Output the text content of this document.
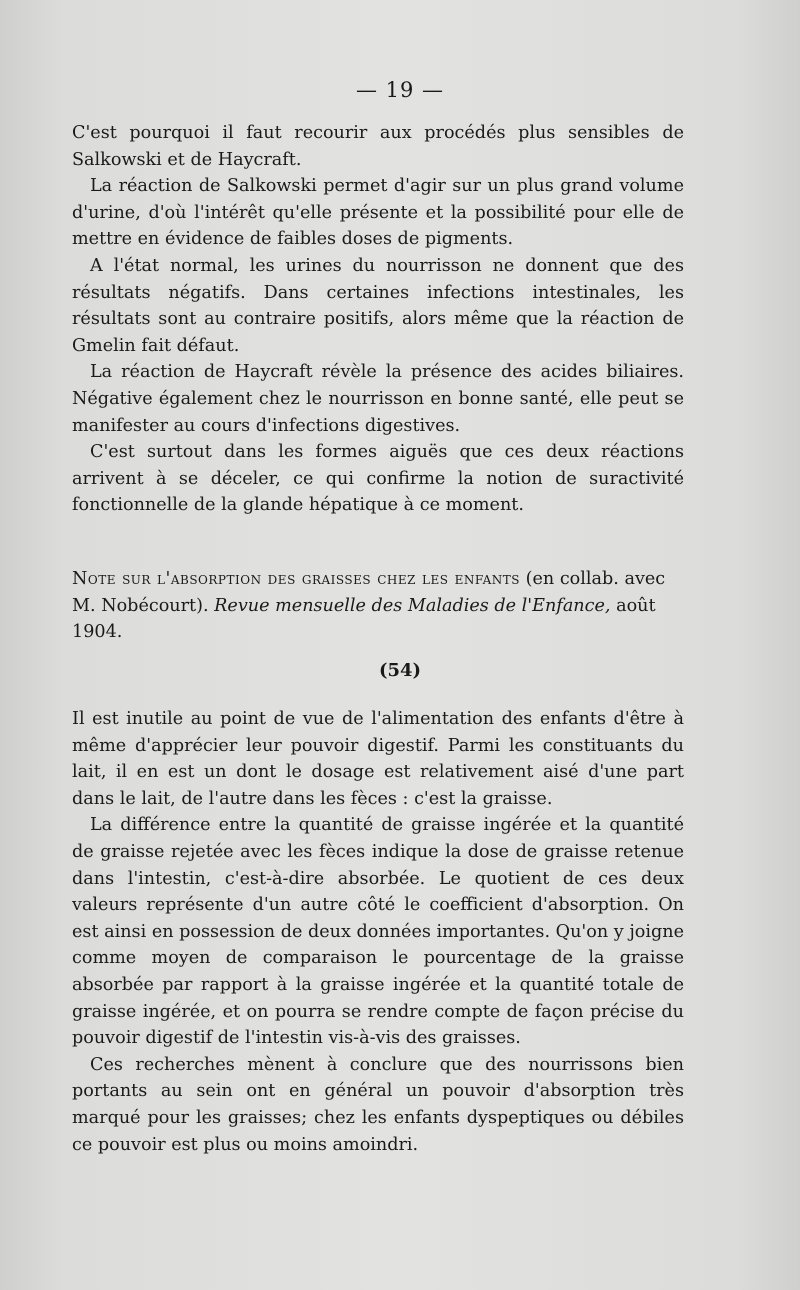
— 19 —

C'est pourquoi il faut recourir aux procédés plus sensibles de Salkowski et de Haycraft.

La réaction de Salkowski permet d'agir sur un plus grand volume d'urine, d'où l'intérêt qu'elle présente et la possibilité pour elle de mettre en évidence de faibles doses de pigments.

A l'état normal, les urines du nourrisson ne donnent que des résultats négatifs. Dans certaines infections intestinales, les résultats sont au contraire positifs, alors même que la réaction de Gmelin fait défaut.

La réaction de Haycraft révèle la présence des acides biliaires. Négative également chez le nourrisson en bonne santé, elle peut se manifester au cours d'infections digestives.

C'est surtout dans les formes aiguës que ces deux réactions arrivent à se déceler, ce qui confirme la notion de suractivité fonctionnelle de la glande hépatique à ce moment.

Note sur l'absorption des graisses chez les enfants (en collab. avec M. Nobécourt). Revue mensuelle des Maladies de l'Enfance, août 1904.
(54)

Il est inutile au point de vue de l'alimentation des enfants d'être à même d'apprécier leur pouvoir digestif. Parmi les constituants du lait, il en est un dont le dosage est relativement aisé d'une part dans le lait, de l'autre dans les fèces : c'est la graisse.

La différence entre la quantité de graisse ingérée et la quantité de graisse rejetée avec les fèces indique la dose de graisse retenue dans l'intestin, c'est-à-dire absorbée. Le quotient de ces deux valeurs représente d'un autre côté le coefficient d'absorption. On est ainsi en possession de deux données importantes. Qu'on y joigne comme moyen de comparaison le pourcentage de la graisse absorbée par rapport à la graisse ingérée et la quantité totale de graisse ingérée, et on pourra se rendre compte de façon précise du pouvoir digestif de l'intestin vis-à-vis des graisses.

Ces recherches mènent à conclure que des nourrissons bien portants au sein ont en général un pouvoir d'absorption très marqué pour les graisses; chez les enfants dyspeptiques ou débiles ce pouvoir est plus ou moins amoindri.
